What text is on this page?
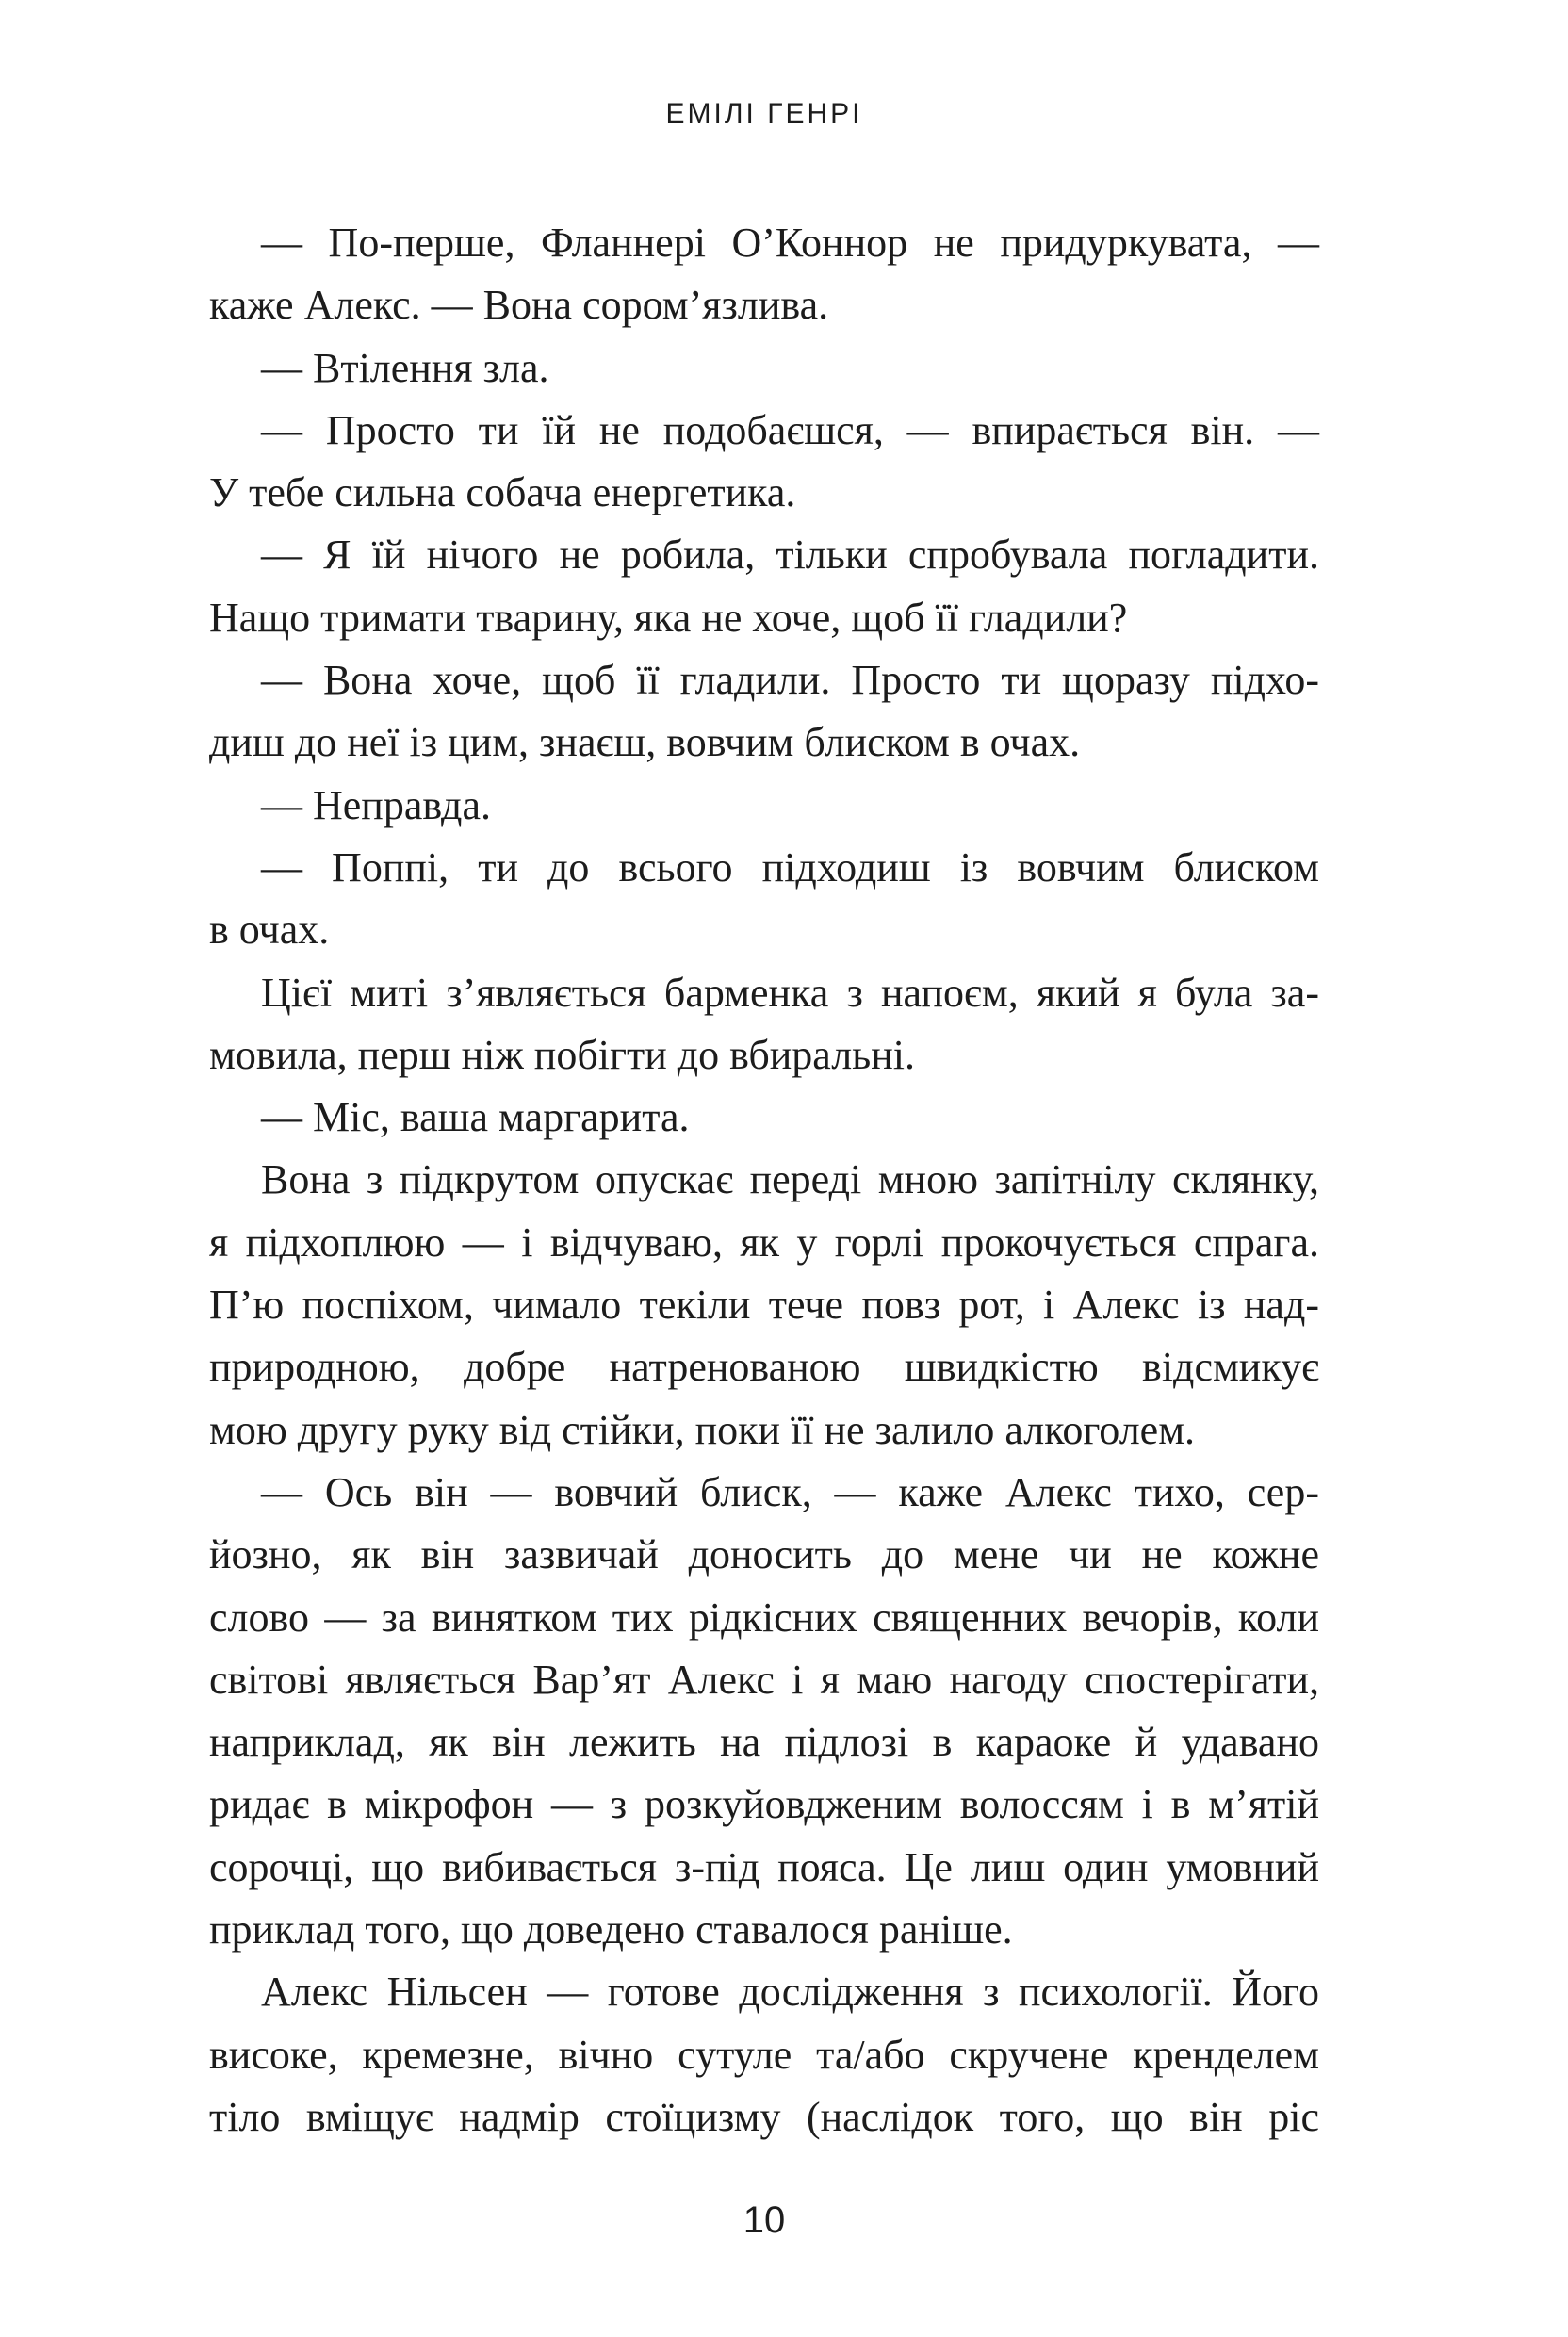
ЕМІЛІ ГЕНРІ

— По-перше, Фланнері О’Коннор не придуркувата, —
каже Алекс. — Вона сором’язлива.

— Втілення зла.

— Просто ти їй не подобаєшся, — впирається він. —
У тебе сильна собача енергетика.

— Я їй нічого не робила, тільки спробувала погладити.
Нащо тримати тварину, яка не хоче, щоб її гладили?

— Вона хоче, щоб її гладили. Просто ти щоразу підхо-
диш до неї із цим, знаєш, вовчим блиском в очах.

— Неправда.

— Поппі, ти до всього підходиш із вовчим блиском
в очах.

Цієї миті з’являється барменка з напоєм, який я була за-
мовила, перш ніж побігти до вбиральні.

— Міс, ваша маргарита.

Вона з підкрутом опускає переді мною запітнілу склянку,
я підхоплюю — і відчуваю, як у горлі прокочується спрага.
П’ю поспіхом, чимало текіли тече повз рот, і Алекс із над-
природною, добре натренованою швидкістю відсмикує
мою другу руку від стійки, поки її не залило алкоголем.

— Ось він — вовчий блиск, — каже Алекс тихо, сер-
йозно, як він зазвичай доносить до мене чи не кожне
слово — за винятком тих рідкісних священних вечорів, коли
світові являється Вар’ят Алекс і я маю нагоду спостерігати,
наприклад, як він лежить на підлозі в караоке й удавано
ридає в мікрофон — з розкуйовдженим волоссям і в м’ятій
сорочці, що вибивається з-під пояса. Це лиш один умовний
приклад того, що доведено ставалося раніше.

Алекс Нільсен — готове дослідження з психології. Його
високе, кремезне, вічно сутуле та/або скручене кренделем
тіло вміщує надмір стоїцизму (наслідок того, що він ріс

10
